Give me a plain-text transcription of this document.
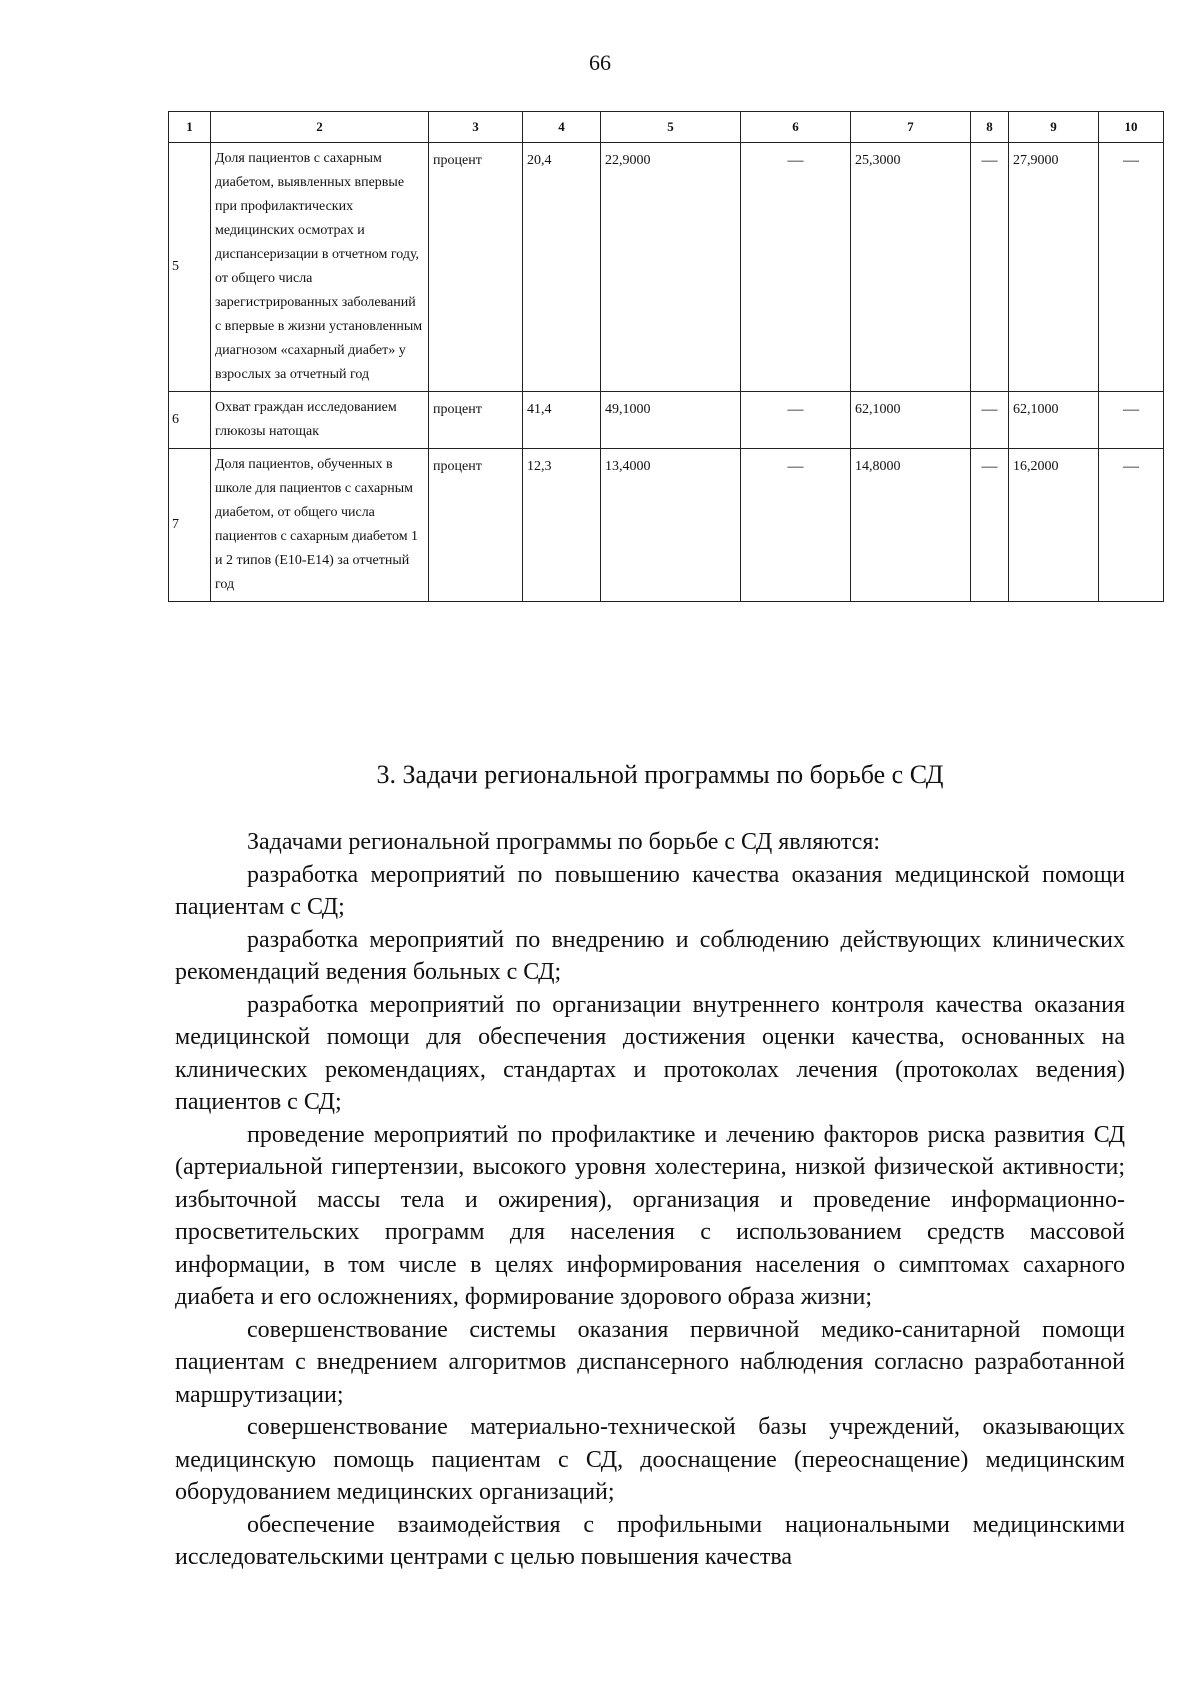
66
1	2	3	4	5	6	7	8	9	10
5	Доля пациентов с сахарным диабетом, выявленных впервые при профилактических медицинских осмотрах и диспансеризации в отчетном году, от общего числа зарегистрированных заболеваний с впервые в жизни установленным диагнозом «сахарный диабет» у взрослых за отчетный год	процент	20,4	22,9000	—	25,3000	—	27,9000	—
6	Охват граждан исследованием глюкозы натощак	процент	41,4	49,1000	—	62,1000	—	62,1000	—
7	Доля пациентов, обученных в школе для пациентов с сахарным диабетом, от общего числа пациентов с сахарным диабетом 1 и 2 типов (E10-E14) за отчетный год	процент	12,3	13,4000	—	14,8000	—	16,2000	—
3. Задачи региональной программы по борьбе с СД

Задачами региональной программы по борьбе с СД являются:

разработка мероприятий по повышению качества оказания медицинской помощи пациентам с СД;

разработка мероприятий по внедрению и соблюдению действующих клинических рекомендаций ведения больных с СД;

разработка мероприятий по организации внутреннего контроля качества оказания медицинской помощи для обеспечения достижения оценки качества, основанных на клинических рекомендациях, стандартах и протоколах лечения (протоколах ведения) пациентов с СД;

проведение мероприятий по профилактике и лечению факторов риска развития СД (артериальной гипертензии, высокого уровня холестерина, низкой физической активности; избыточной массы тела и ожирения), организация и проведение информационно-просветительских программ для населения с использованием средств массовой информации, в том числе в целях информирования населения о симптомах сахарного диабета и его осложнениях, формирование здорового образа жизни;

совершенствование системы оказания первичной медико-санитарной помощи пациентам с внедрением алгоритмов диспансерного наблюдения согласно разработанной маршрутизации;

совершенствование материально-технической базы учреждений, оказывающих медицинскую помощь пациентам с СД, дооснащение (переоснащение) медицинским оборудованием медицинских организаций;

обеспечение взаимодействия с профильными национальными медицинскими исследовательскими центрами с целью повышения качества
